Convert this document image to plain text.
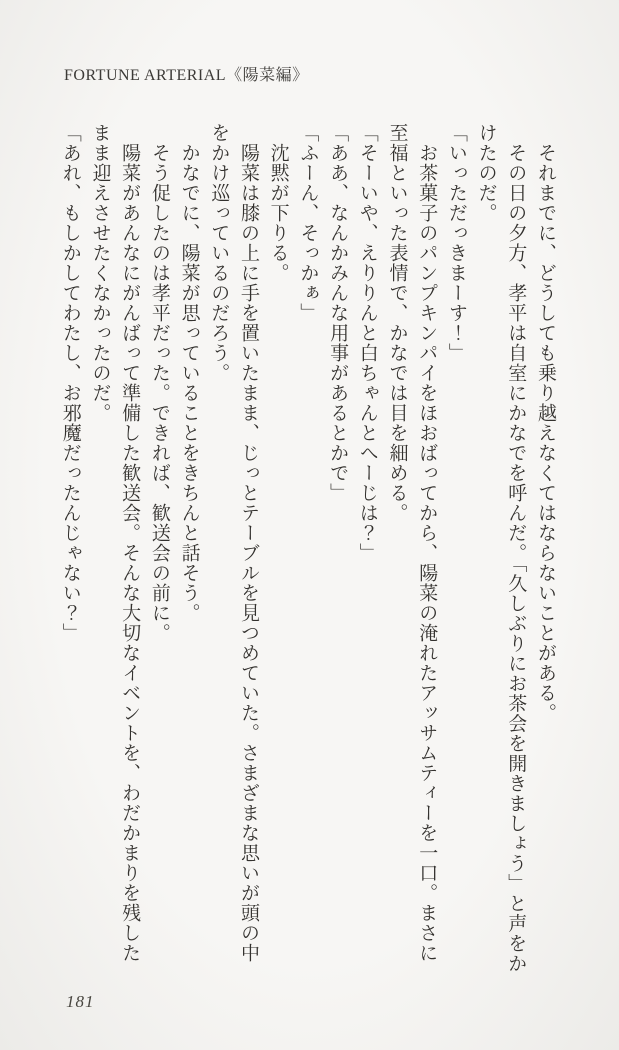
FORTUNE ARTERIAL《陽菜編》

それまでに、どうしても乗り越えなくてはならないことがある。

その日の夕方、孝平は自室にかなでを呼んだ。「久しぶりにお茶会を開きましょう」と声をか

けたのだ。

「いっただっきまーす！」

お茶菓子のパンプキンパイをほおばってから、陽菜の淹れたアッサムティーを一口。まさに

至福といった表情で、かなでは目を細める。

「そーいや、えりりんと白ちゃんとへーじは？」

「ああ、なんかみんな用事があるとかで」

「ふーん、そっかぁ」

沈黙が下りる。

陽菜は膝の上に手を置いたまま、じっとテーブルを見つめていた。さまざまな思いが頭の中

をかけ巡っているのだろう。

かなでに、陽菜が思っていることをきちんと話そう。

そう促したのは孝平だった。できれば、歓送会の前に。

陽菜があんなにがんばって準備した歓送会。そんな大切なイベントを、わだかまりを残した

まま迎えさせたくなかったのだ。

「あれ、もしかしてわたし、お邪魔だったんじゃない？」

181
